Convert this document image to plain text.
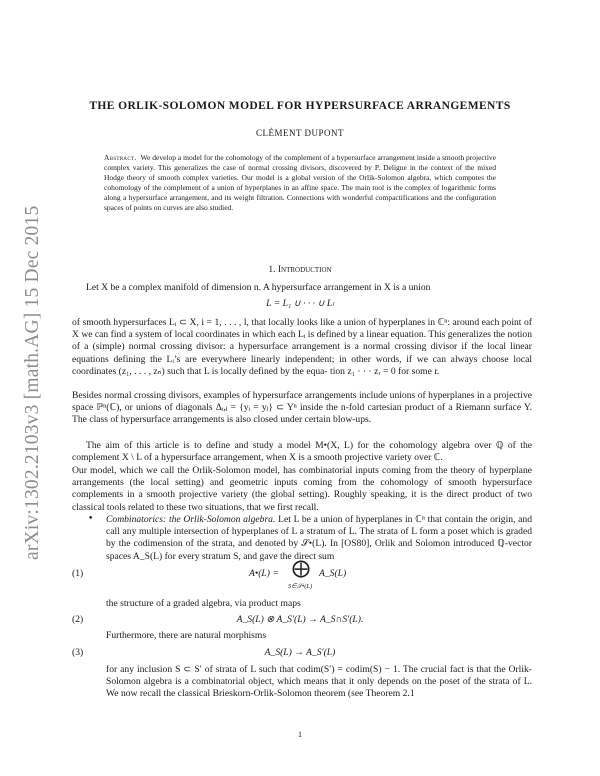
arXiv:1302.2103v3 [math.AG] 15 Dec 2015
THE ORLIK-SOLOMON MODEL FOR HYPERSURFACE ARRANGEMENTS
CLÉMENT DUPONT
Abstract. We develop a model for the cohomology of the complement of a hypersurface arrangement inside a smooth projective complex variety. This generalizes the case of normal crossing divisors, discovered by P. Deligne in the context of the mixed Hodge theory of smooth complex varieties. Our model is a global version of the Orlik-Solomon algebra, which computes the cohomology of the complement of a union of hyperplanes in an affine space. The main tool is the complex of logarithmic forms along a hypersurface arrangement, and its weight filtration. Connections with wonderful compactifications and the configuration spaces of points on curves are also studied.
1. Introduction
Let X be a complex manifold of dimension n. A hypersurface arrangement in X is a union
L = L₁ ∪ · · · ∪ Lₗ
of smooth hypersurfaces Lᵢ ⊂ X, i = 1, . . . , l, that locally looks like a union of hyperplanes in ℂⁿ: around each point of X we can find a system of local coordinates in which each Lᵢ is defined by a linear equation. This generalizes the notion of a (simple) normal crossing divisor: a hypersurface arrangement is a normal crossing divisor if the local linear equations defining the Lᵢ’s are everywhere linearly independent; in other words, if we can always choose local coordinates (z₁, . . . , zₙ) such that L is locally defined by the equa- tion z₁ · · · zᵣ = 0 for some r.
Besides normal crossing divisors, examples of hypersurface arrangements include unions of hyperplanes in a projective space ℙⁿ(ℂ), or unions of diagonals Δᵢ,ⱼ = {yᵢ = yⱼ} ⊂ Yⁿ inside the n-fold cartesian product of a Riemann surface Y. The class of hypersurface arrangements is also closed under certain blow-ups.
The aim of this article is to define and study a model M•(X, L) for the cohomology algebra over ℚ of the complement X \ L of a hypersurface arrangement, when X is a smooth projective variety over ℂ.
Our model, which we call the Orlik-Solomon model, has combinatorial inputs coming from the theory of hyperplane arrangements (the local setting) and geometric inputs coming from the cohomology of smooth hypersurface complements in a smooth projective variety (the global setting). Roughly speaking, it is the direct product of two classical tools related to these two situations, that we first recall.
• Combinatorics: the Orlik-Solomon algebra. Let L be a union of hyperplanes in ℂⁿ that contain the origin, and call any multiple intersection of hyperplanes of L a stratum of L. The strata of L form a poset which is graded by the codimension of the strata, and denoted by 𝒮•(L). In [OS80], Orlik and Solomon introduced ℚ-vector spaces A_S(L) for every stratum S, and gave the direct sum
(1)	A•(L) = ⨁ A_S(L)
S∈𝒮•(L)
the structure of a graded algebra, via product maps
(2)	A_S(L) ⊗ A_S′(L) → A_S∩S′(L).
Furthermore, there are natural morphisms
(3)	A_S(L) → A_S′(L)
for any inclusion S ⊂ S′ of strata of L such that codim(S′) = codim(S) − 1. The crucial fact is that the Orlik-Solomon algebra is a combinatorial object, which means that it only depends on the poset of the strata of L. We now recall the classical Brieskorn-Orlik-Solomon theorem (see Theorem 2.1
1
